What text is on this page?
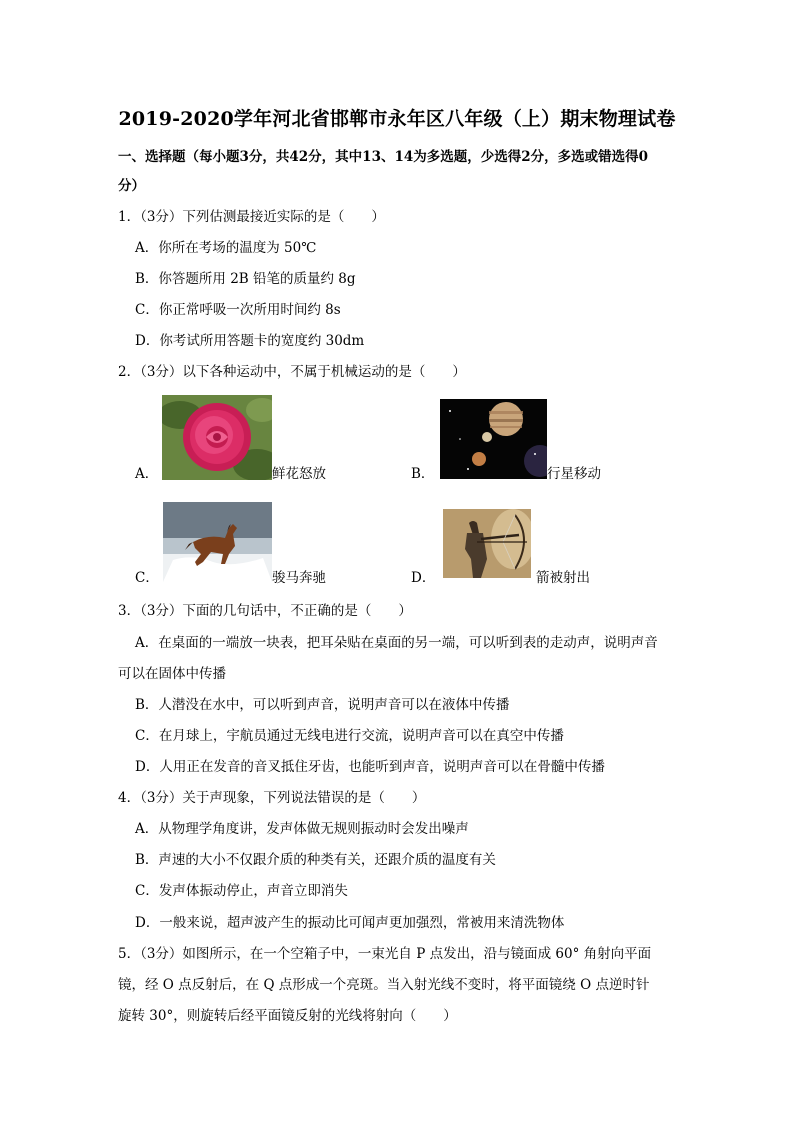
2019-2020学年河北省邯郸市永年区八年级（上）期末物理试卷
一、选择题（每小题3分，共42分，其中13、14为多选题，少选得2分，多选或错选得0
分）
1．（3分）下列估测最接近实际的是（　　）
A．你所在考场的温度为 50℃
B．你答题所用 2B 铅笔的质量约 8g
C．你正常呼吸一次所用时间约 8s
D．你考试所用答题卡的宽度约 30dm
2．（3分）以下各种运动中，不属于机械运动的是（　　）
A．	鲜花怒放	B．	行星移动
C．	骏马奔驰	D．	箭被射出
3．（3分）下面的几句话中，不正确的是（　　）
A．在桌面的一端放一块表，把耳朵贴在桌面的另一端，可以听到表的走动声，说明声音
可以在固体中传播
B．人潜没在水中，可以听到声音，说明声音可以在液体中传播
C．在月球上，宇航员通过无线电进行交流，说明声音可以在真空中传播
D．人用正在发音的音叉抵住牙齿，也能听到声音，说明声音可以在骨髓中传播
4．（3分）关于声现象，下列说法错误的是（　　）
A．从物理学角度讲，发声体做无规则振动时会发出噪声
B．声速的大小不仅跟介质的种类有关，还跟介质的温度有关
C．发声体振动停止，声音立即消失
D．一般来说，超声波产生的振动比可闻声更加强烈，常被用来清洗物体
5．（3分）如图所示，在一个空箱子中，一束光自 P 点发出，沿与镜面成 60° 角射向平面
镜，经 O 点反射后，在 Q 点形成一个亮斑。当入射光线不变时，将平面镜绕 O 点逆时针
旋转 30°，则旋转后经平面镜反射的光线将射向（　　）
